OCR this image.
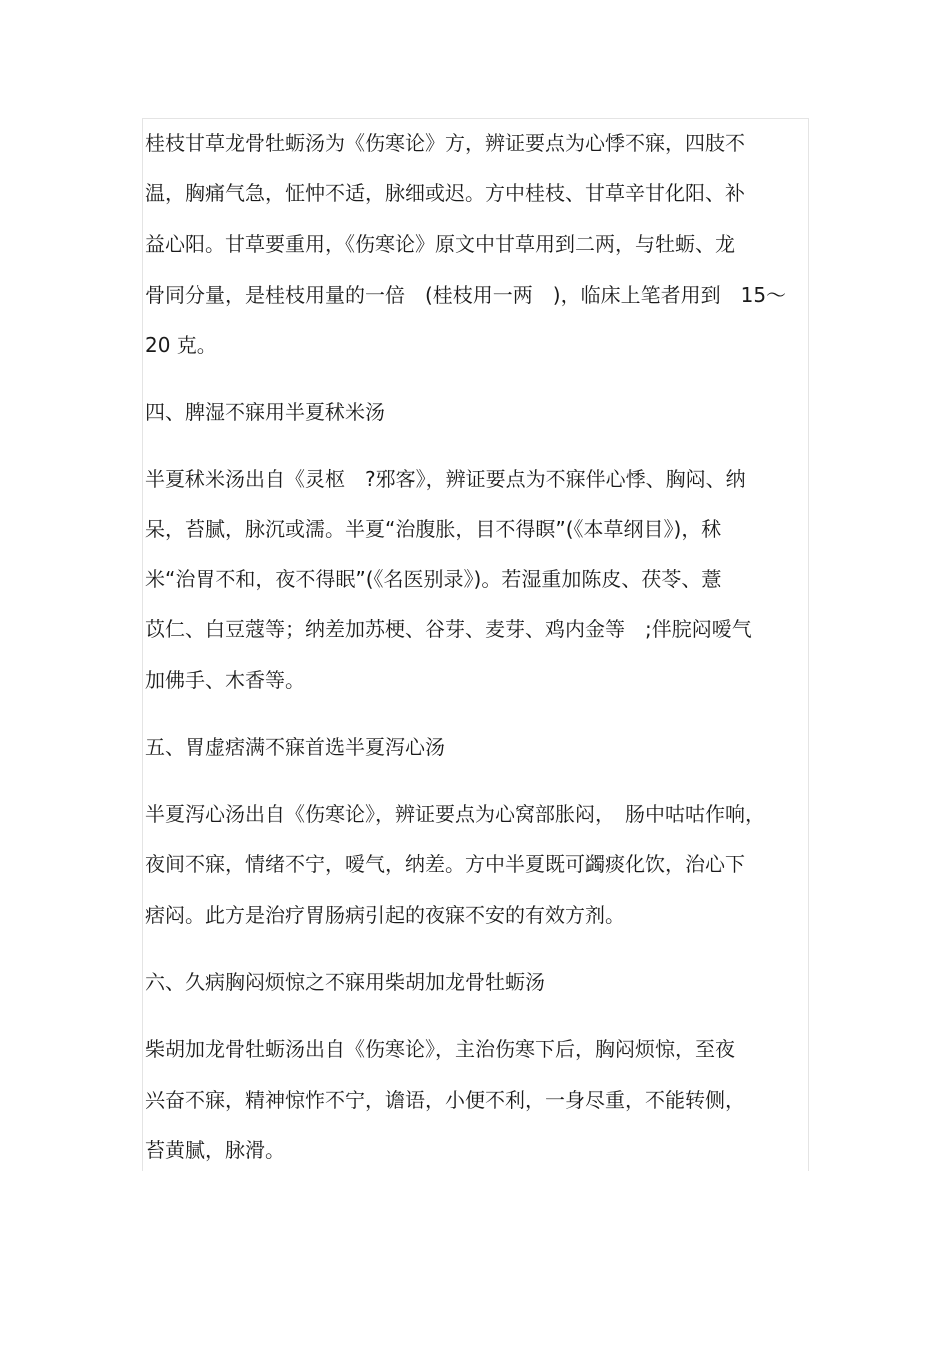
桂枝甘草龙骨牡蛎汤为《伤寒论》方，辨证要点为心悸不寐，四肢不
温，胸痛气急，怔忡不适，脉细或迟。方中桂枝、甘草辛甘化阳、补
益心阳。甘草要重用，《伤寒论》原文中甘草用到二两，与牡蛎、龙
骨同分量，是桂枝用量的一倍　(桂枝用一两　)，临床上笔者用到　15～
20 克。
四、脾湿不寐用半夏秫米汤
半夏秫米汤出自《灵枢　?邪客》，辨证要点为不寐伴心悸、胸闷、纳
呆，苔腻，脉沉或濡。半夏“治腹胀，目不得瞑”(《本草纲目》)，秫
米“治胃不和，夜不得眠”(《名医别录》)。若湿重加陈皮、茯苓、薏
苡仁、白豆蔻等；纳差加苏梗、谷芽、麦芽、鸡内金等　;伴脘闷嗳气
加佛手、木香等。
五、胃虚痞满不寐首选半夏泻心汤
半夏泻心汤出自《伤寒论》，辨证要点为心窝部胀闷，　肠中咕咕作响，
夜间不寐，情绪不宁，嗳气，纳差。方中半夏既可蠲痰化饮，治心下
痞闷。此方是治疗胃肠病引起的夜寐不安的有效方剂。
六、久病胸闷烦惊之不寐用柴胡加龙骨牡蛎汤
柴胡加龙骨牡蛎汤出自《伤寒论》，主治伤寒下后，胸闷烦惊，至夜
兴奋不寐，精神惊怍不宁，谵语，小便不利，一身尽重，不能转侧，
苔黄腻，脉滑。
